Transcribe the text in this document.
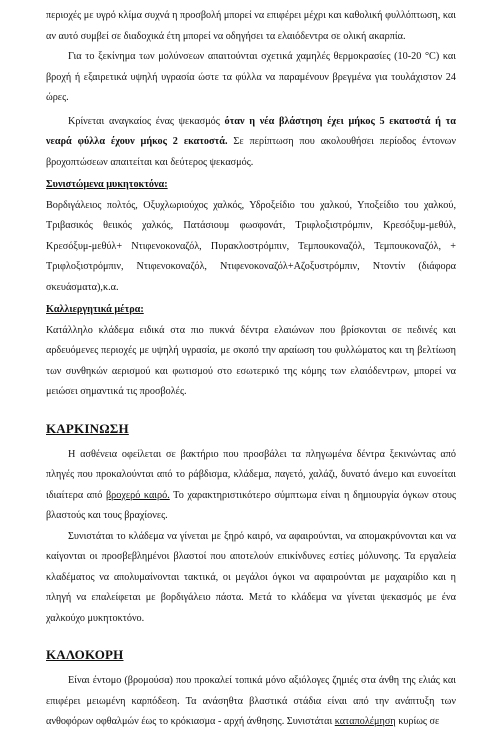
περιοχές με υγρό κλίμα συχνά η προσβολή μπορεί να επιφέρει μέχρι και καθολική φυλλόπτωση, και αν αυτό συμβεί σε διαδοχικά έτη μπορεί να οδηγήσει τα ελαιόδεντρα σε ολική ακαρπία.

Για το ξεκίνημα των μολύνσεων απαιτούνται σχετικά χαμηλές θερμοκρασίες (10-20 °C) και βροχή ή εξαιρετικά υψηλή υγρασία ώστε τα φύλλα να παραμένουν βρεγμένα για τουλάχιστον 24 ώρες.

Κρίνεται αναγκαίος ένας ψεκασμός όταν η νέα βλάστηση έχει μήκος 5 εκατοστά ή τα νεαρά φύλλα έχουν μήκος 2 εκατοστά. Σε περίπτωση που ακολουθήσει περίοδος έντονων βροχοπτώσεων απαιτείται και δεύτερος ψεκασμός.

Συνιστώμενα μυκητοκτόνα:

Βορδιγάλειος πολτός, Οξυχλωριούχος χαλκός, Υδροξείδιο του χαλκού, Υποξείδιο του χαλκού, Τριβασικός θειικός χαλκός, Πατάσιουμ φωσφονάτ, Τριφλοξιστρόμπιν, Κρεσόξυμ-μεθύλ, Κρεσόξυμ-μεθύλ+ Ντιφενοκοναζόλ, Πυρακλοστρόμπιν, Τεμπουκοναζόλ, Τεμπουκοναζόλ, + Τριφλοξιστρόμπιν, Ντιφενοκοναζόλ, Ντιφενοκοναζόλ+Αζοξυστρόμπιν, Ντοντίν (διάφορα σκευάσματα),κ.α.

Καλλιεργητικά μέτρα:

Κατάλληλο κλάδεμα ειδικά στα πιο πυκνά δέντρα ελαιώνων που βρίσκονται σε πεδινές και αρδευόμενες περιοχές με υψηλή υγρασία, με σκοπό την αραίωση του φυλλώματος και τη βελτίωση των συνθηκών αερισμού και φωτισμού στο εσωτερικό της κόμης των ελαιόδεντρων, μπορεί να μειώσει σημαντικά τις προσβολές.

ΚΑΡΚΙΝΩΣΗ

Η ασθένεια οφείλεται σε βακτήριο που προσβάλει τα πληγωμένα δέντρα ξεκινώντας από πληγές που προκαλούνται από το ράβδισμα, κλάδεμα, παγετό, χαλάζι, δυνατό άνεμο και ευνοείται ιδιαίτερα από βροχερό καιρό. Το χαρακτηριστικότερο σύμπτωμα είναι η δημιουργία όγκων στους βλαστούς και τους βραχίονες.

Συνιστάται το κλάδεμα να γίνεται με ξηρό καιρό, να αφαιρούνται, να απομακρύνονται και να καίγονται οι προσβεβλημένοι βλαστοί που αποτελούν επικίνδυνες εστίες μόλυνσης. Τα εργαλεία κλαδέματος να απολυμαίνονται τακτικά, οι μεγάλοι όγκοι να αφαιρούνται με μαχαιρίδιο και η πληγή να επαλείφεται με βορδιγάλειο πάστα. Μετά το κλάδεμα να γίνεται ψεκασμός με ένα χαλκούχο μυκητοκτόνο.

ΚΑΛΟΚΟΡΗ

Είναι έντομο (βρομούσα) που προκαλεί τοπικά μόνο αξιόλογες ζημιές στα άνθη της ελιάς και επιφέρει μειωμένη καρπόδεση. Τα ανάσηθτα βλαστικά στάδια είναι από την ανάπτυξη των ανθοφόρων οφθαλμών έως το κρόκιασμα - αρχή άνθησης. Συνιστάται καταπολέμηση κυρίως σε
